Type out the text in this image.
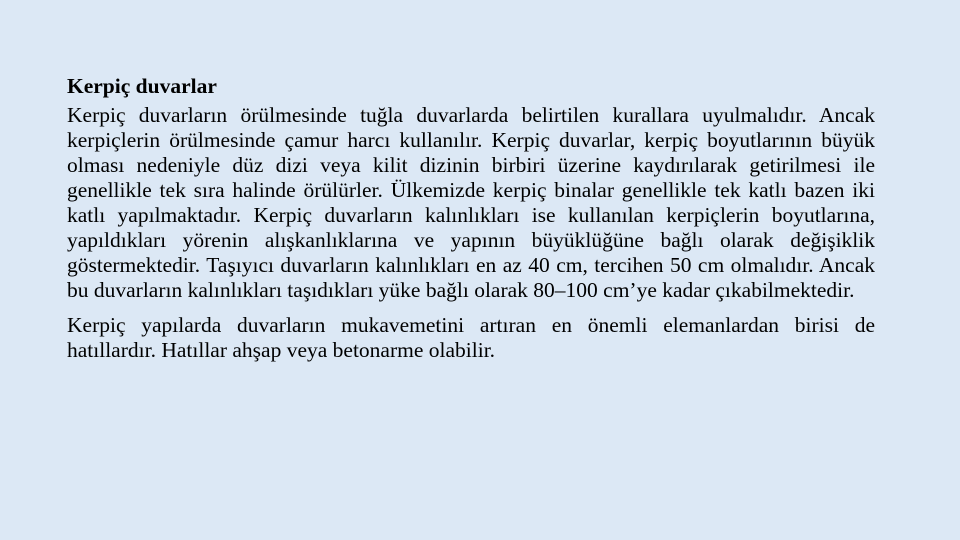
Kerpiç duvarlar

Kerpiç duvarların örülmesinde tuğla duvarlarda belirtilen kurallara uyulmalıdır. Ancak kerpiçlerin örülmesinde çamur harcı kullanılır. Kerpiç duvarlar, kerpiç boyutlarının büyük olması nedeniyle düz dizi veya kilit dizinin birbiri üzerine kaydırılarak getirilmesi ile genellikle tek sıra halinde örülürler. Ülkemizde kerpiç binalar genellikle tek katlı bazen iki katlı yapılmaktadır. Kerpiç duvarların kalınlıkları ise kullanılan kerpiçlerin boyutlarına, yapıldıkları yörenin alışkanlıklarına ve yapının büyüklüğüne bağlı olarak değişiklik göstermektedir. Taşıyıcı duvarların kalınlıkları en az 40 cm, tercihen 50 cm olmalıdır. Ancak bu duvarların kalınlıkları taşıdıkları yüke bağlı olarak 80–100 cm’ye kadar çıkabilmektedir.

Kerpiç yapılarda duvarların mukavemetini artıran en önemli elemanlardan birisi de hatıllardır. Hatıllar ahşap veya betonarme olabilir.
